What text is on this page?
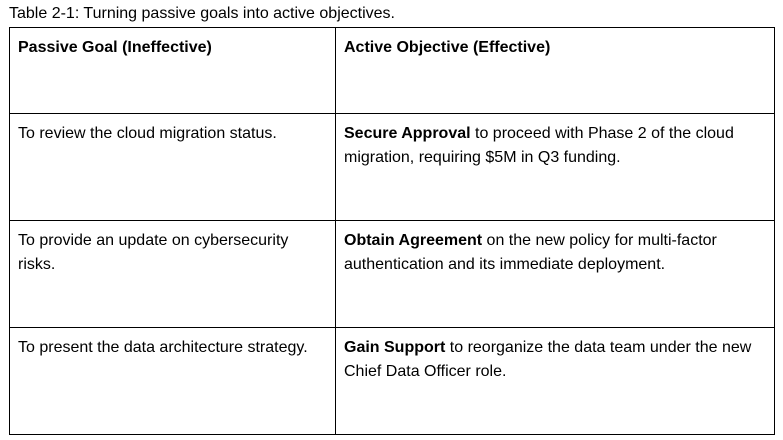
Table 2-1: Turning passive goals into active objectives.
Passive Goal (Ineffective)	Active Objective (Effective)
To review the cloud migration status.	Secure Approval to proceed with Phase 2 of the cloud migration, requiring $5M in Q3 funding.
To provide an update on cybersecurity risks.	Obtain Agreement on the new policy for multi-factor authentication and its immediate deployment.
To present the data architecture strategy.	Gain Support to reorganize the data team under the new Chief Data Officer role.
